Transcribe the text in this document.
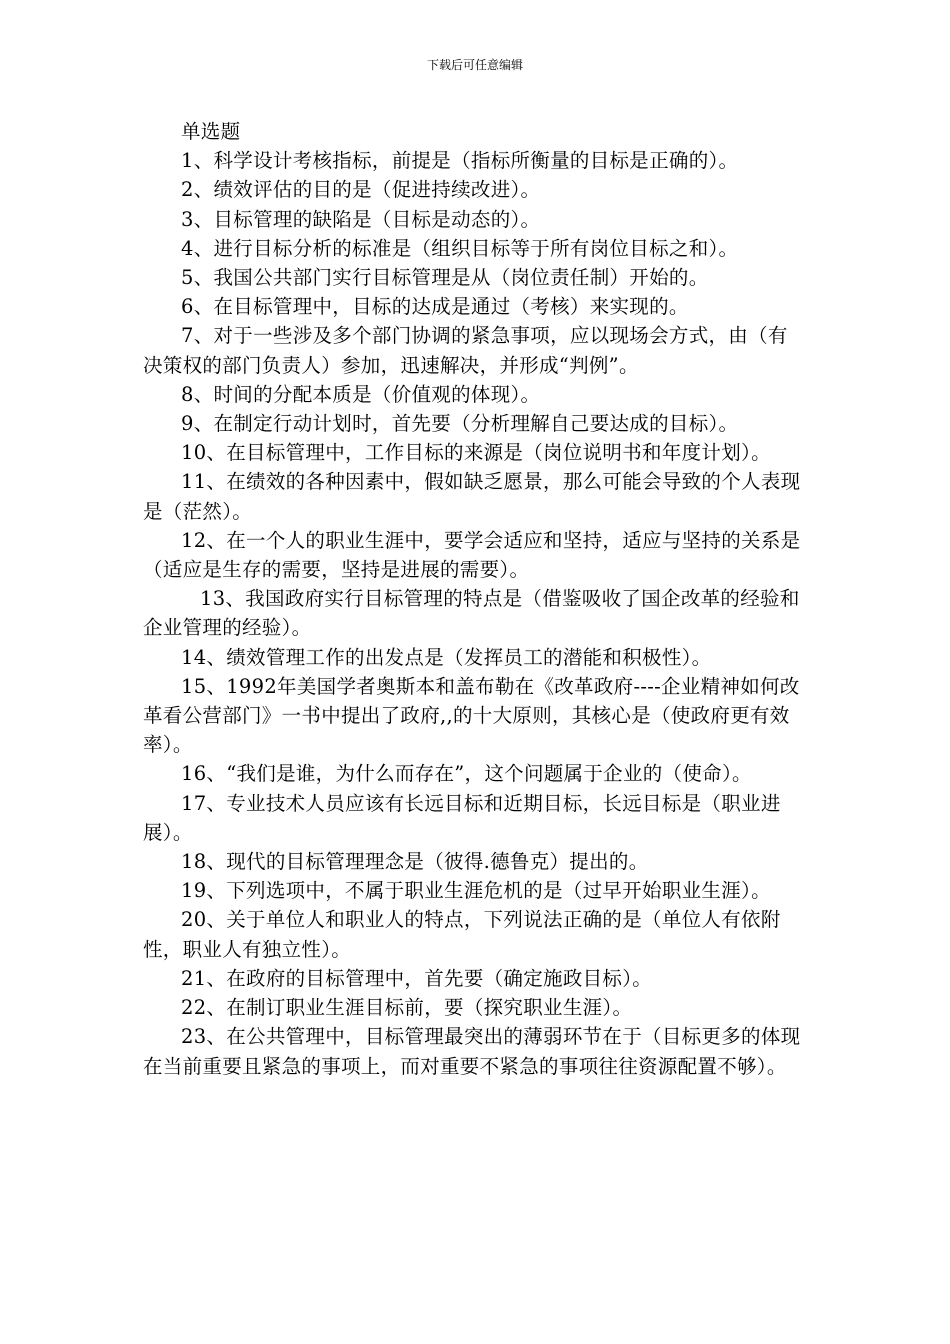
下载后可任意编辑

单选题

1、科学设计考核指标，前提是（指标所衡量的目标是正确的）。

2、绩效评估的目的是（促进持续改进）。

3、目标管理的缺陷是（目标是动态的）。

4、进行目标分析的标准是（组织目标等于所有岗位目标之和）。

5、我国公共部门实行目标管理是从（岗位责任制）开始的。

6、在目标管理中，目标的达成是通过（考核）来实现的。

7、对于一些涉及多个部门协调的紧急事项，应以现场会方式，由（有决策权的部门负责人）参加，迅速解决，并形成“判例”。

8、时间的分配本质是（价值观的体现）。

9、在制定行动计划时，首先要（分析理解自己要达成的目标）。

10、在目标管理中，工作目标的来源是（岗位说明书和年度计划）。

11、在绩效的各种因素中，假如缺乏愿景，那么可能会导致的个人表现是（茫然）。

12、在一个人的职业生涯中，要学会适应和坚持，适应与坚持的关系是（适应是生存的需要，坚持是进展的需要）。

13、我国政府实行目标管理的特点是（借鉴吸收了国企改革的经验和企业管理的经验）。

14、绩效管理工作的出发点是（发挥员工的潜能和积极性）。

15、1992年美国学者奥斯本和盖布勒在《改革政府----企业精神如何改革看公营部门》一书中提出了政府,,的十大原则，其核心是（使政府更有效率）。

16、“我们是谁，为什么而存在”，这个问题属于企业的（使命）。

17、专业技术人员应该有长远目标和近期目标，长远目标是（职业进展）。

18、现代的目标管理理念是（彼得.德鲁克）提出的。

19、下列选项中，不属于职业生涯危机的是（过早开始职业生涯）。

20、关于单位人和职业人的特点，下列说法正确的是（单位人有依附性，职业人有独立性）。

21、在政府的目标管理中，首先要（确定施政目标）。

22、在制订职业生涯目标前，要（探究职业生涯）。

23、在公共管理中，目标管理最突出的薄弱环节在于（目标更多的体现在当前重要且紧急的事项上，而对重要不紧急的事项往往资源配置不够）。
